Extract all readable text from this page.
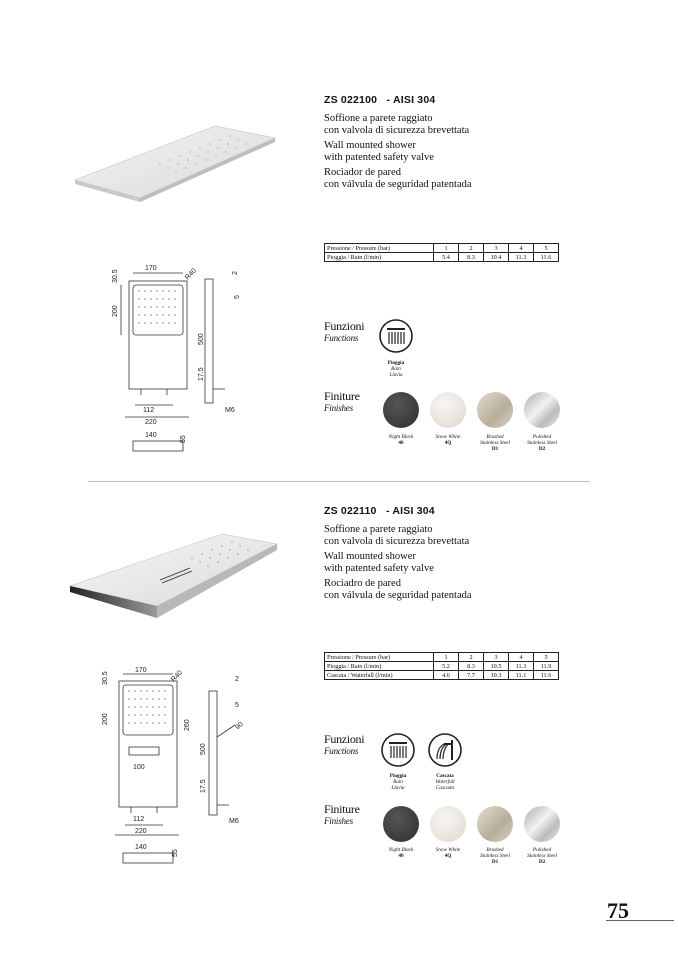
ZS 022100 - AISI 304
Soffione a parete raggiato
con valvola di sicurezza brevettata
Wall mounted shower
with patented safety valve
Rociador de pared
con válvula de seguridad patentada
170	R40
30.5
200
112
220
140	55
2
5
500
17.5
M6
Pressione / Pressure (bar)	1	2	3	4	5
Pioggia / Rain (l/min)	5.4	8.3	10.4	11.3	11.6
Funzioni
Functions
Pioggia
Rain
Lluvia
Finiture
Finishes
Night Black
40
Snow White
4Q
Brushed
Stainless Steel
D1
Polished
Stainless Steel
D2
ZS 022110 - AISI 304
Soffione a parete raggiato
con valvola di sicurezza brevettata
Wall mounted shower
with patented safety valve
Rociadro de pared
con válvula de seguridad patentada
170	R40
30.5
200
260
100
112
220
140
55
2
5
90
500
17.5
M6
Pressione / Pressure (bar)	1	2	3	4	5
Pioggia / Rain (l/min)	5.2	8.3	10.5	11.3	11.9
Cascata / Waterfall (l/min)	4.6	7.7	10.3	11.1	11.6
Funzioni
Functions
Pioggia
Rain
Lluvia
Cascata
Waterfall
Cascada
Finiture
Finishes
Night Black
40
Snow White
4Q
Brushed
Stainless Steel
D1
Polished
Stainless Steel
D2
75
